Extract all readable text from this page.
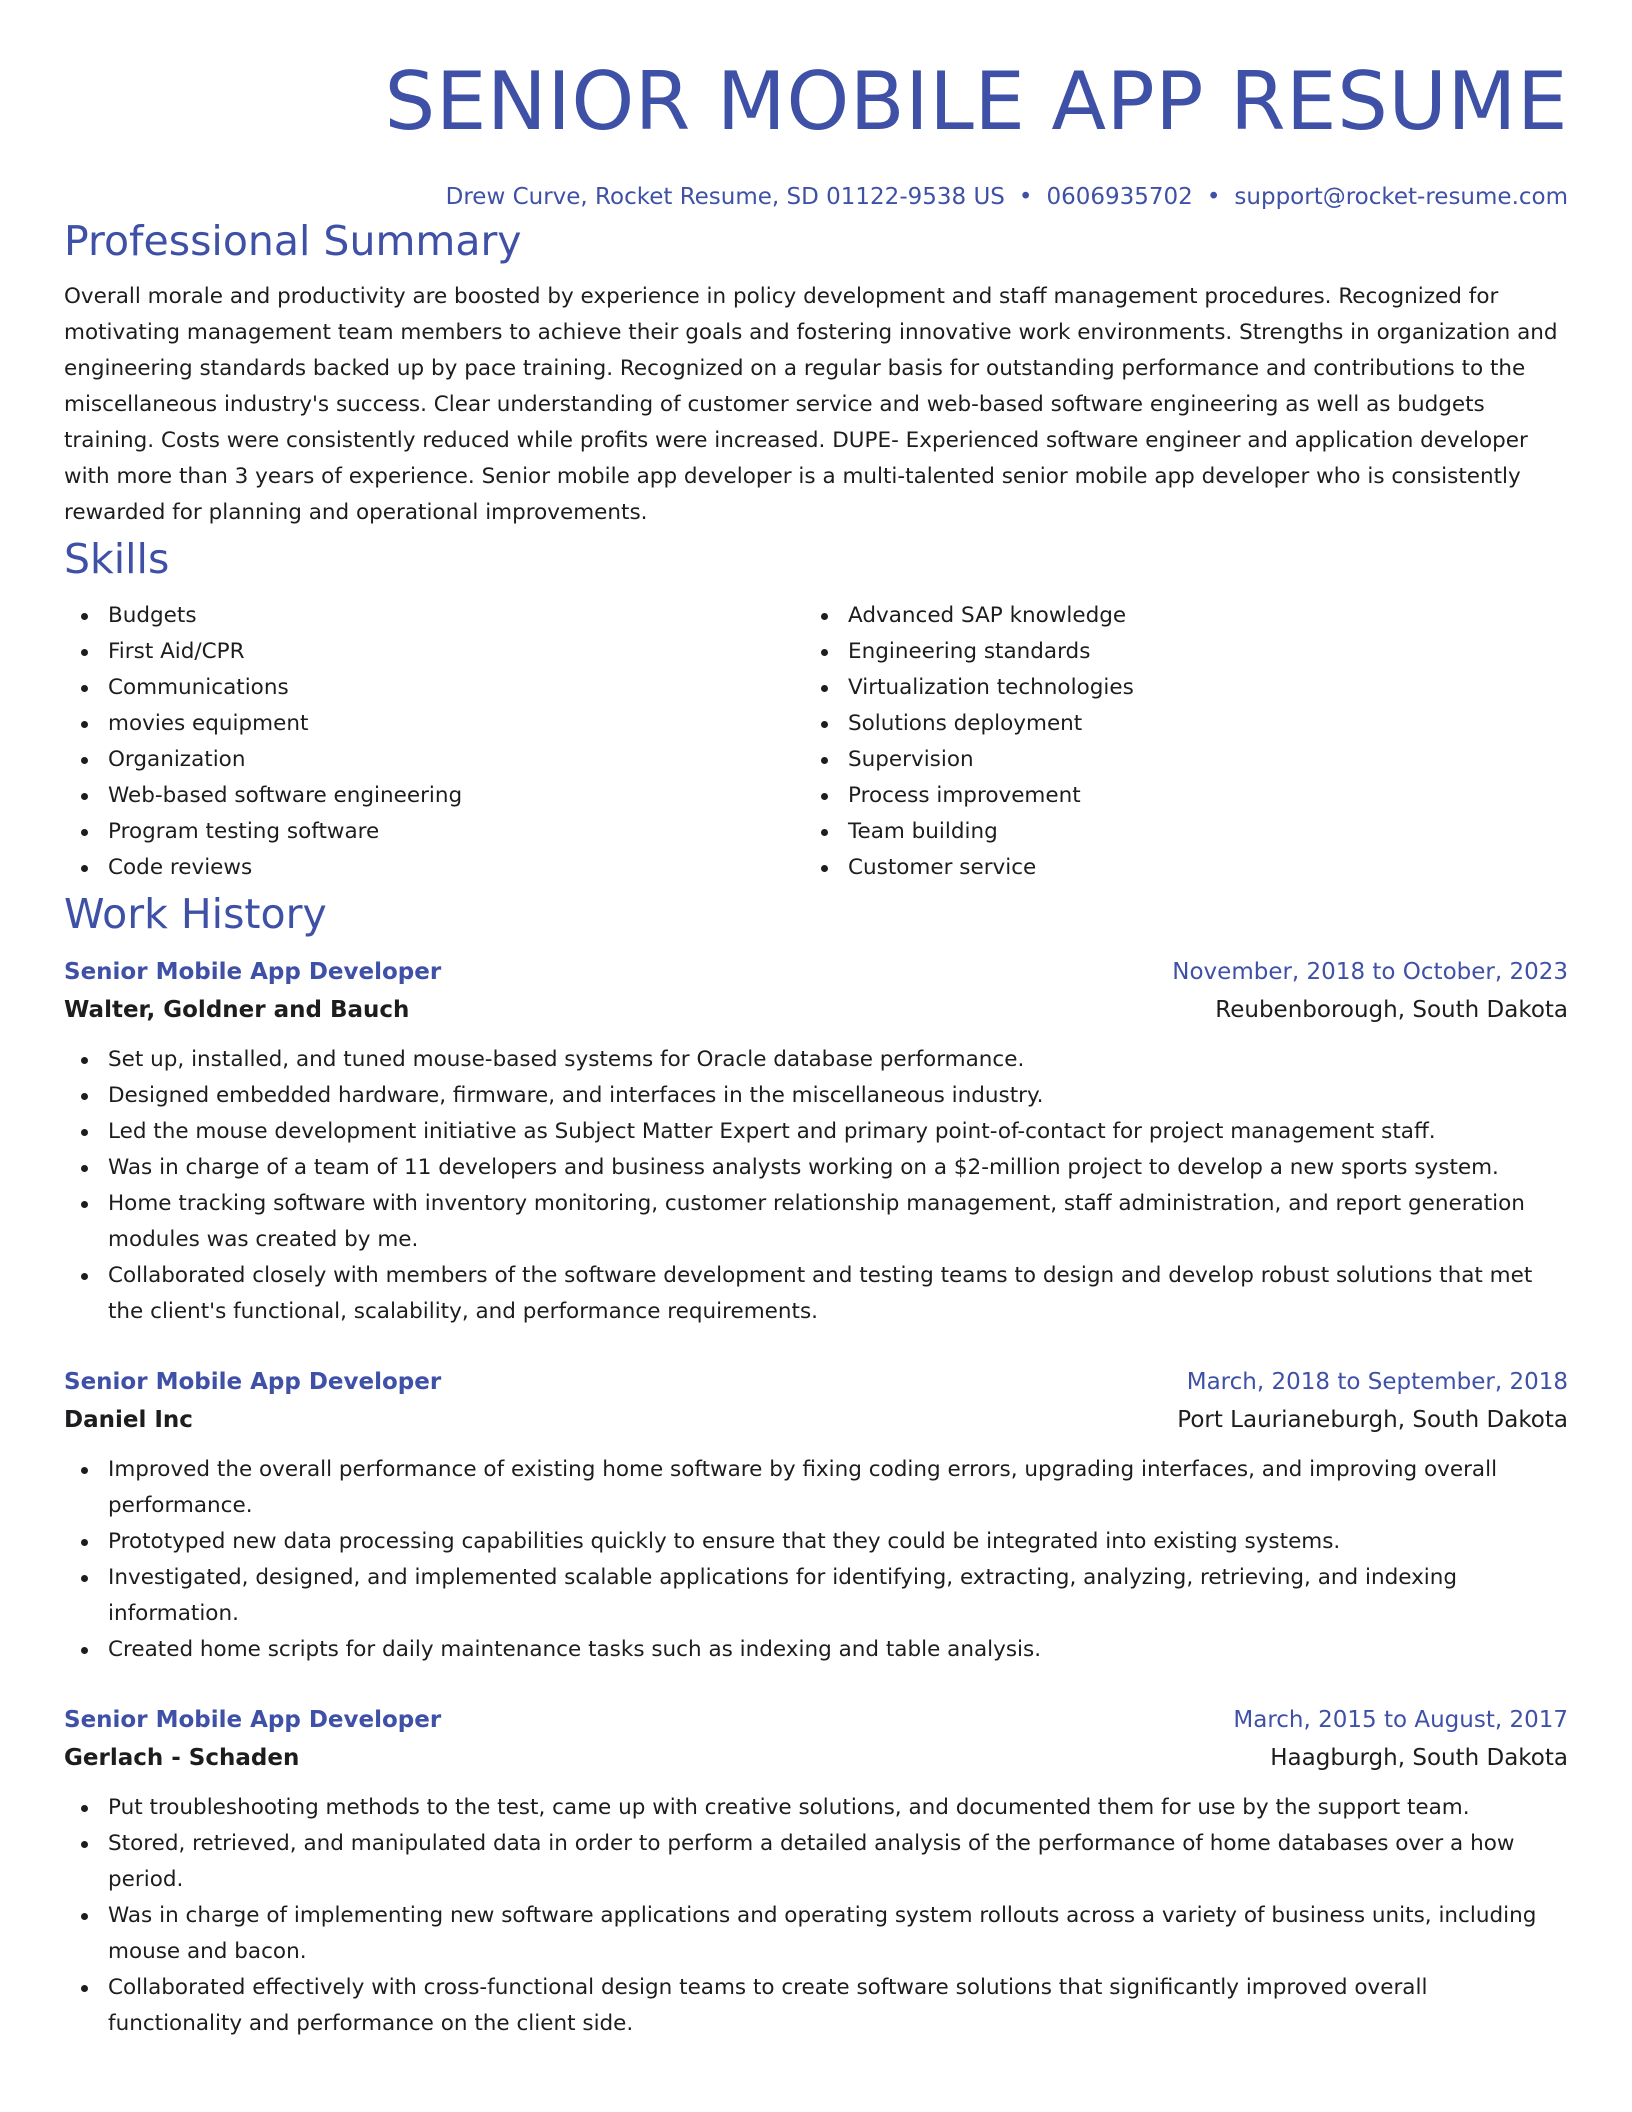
SENIOR MOBILE APP RESUME
Drew Curve, Rocket Resume, SD 01122-9538 US • 0606935702 • support@rocket-resume.com
Professional Summary
Overall morale and productivity are boosted by experience in policy development and staff management procedures. Recognized for motivating management team members to achieve their goals and fostering innovative work environments. Strengths in organization and engineering standards backed up by pace training. Recognized on a regular basis for outstanding performance and contributions to the miscellaneous industry's success. Clear understanding of customer service and web-based software engineering as well as budgets training. Costs were consistently reduced while profits were increased. DUPE- Experienced software engineer and application developer with more than 3 years of experience. Senior mobile app developer is a multi-talented senior mobile app developer who is consistently rewarded for planning and operational improvements.
Skills
Budgets
First Aid/CPR
Communications
movies equipment
Organization
Web-based software engineering
Program testing software
Code reviews
Advanced SAP knowledge
Engineering standards
Virtualization technologies
Solutions deployment
Supervision
Process improvement
Team building
Customer service
Work History
Senior Mobile App Developer	November, 2018 to October, 2023
Walter, Goldner and Bauch	Reubenborough, South Dakota
Set up, installed, and tuned mouse-based systems for Oracle database performance.
Designed embedded hardware, firmware, and interfaces in the miscellaneous industry.
Led the mouse development initiative as Subject Matter Expert and primary point-of-contact for project management staff.
Was in charge of a team of 11 developers and business analysts working on a $2-million project to develop a new sports system.
Home tracking software with inventory monitoring, customer relationship management, staff administration, and report generation modules was created by me.
Collaborated closely with members of the software development and testing teams to design and develop robust solutions that met the client's functional, scalability, and performance requirements.
Senior Mobile App Developer	March, 2018 to September, 2018
Daniel Inc	Port Laurianeburgh, South Dakota
Improved the overall performance of existing home software by fixing coding errors, upgrading interfaces, and improving overall performance.
Prototyped new data processing capabilities quickly to ensure that they could be integrated into existing systems.
Investigated, designed, and implemented scalable applications for identifying, extracting, analyzing, retrieving, and indexing information.
Created home scripts for daily maintenance tasks such as indexing and table analysis.
Senior Mobile App Developer	March, 2015 to August, 2017
Gerlach - Schaden	Haagburgh, South Dakota
Put troubleshooting methods to the test, came up with creative solutions, and documented them for use by the support team.
Stored, retrieved, and manipulated data in order to perform a detailed analysis of the performance of home databases over a how period.
Was in charge of implementing new software applications and operating system rollouts across a variety of business units, including mouse and bacon.
Collaborated effectively with cross-functional design teams to create software solutions that significantly improved overall functionality and performance on the client side.
